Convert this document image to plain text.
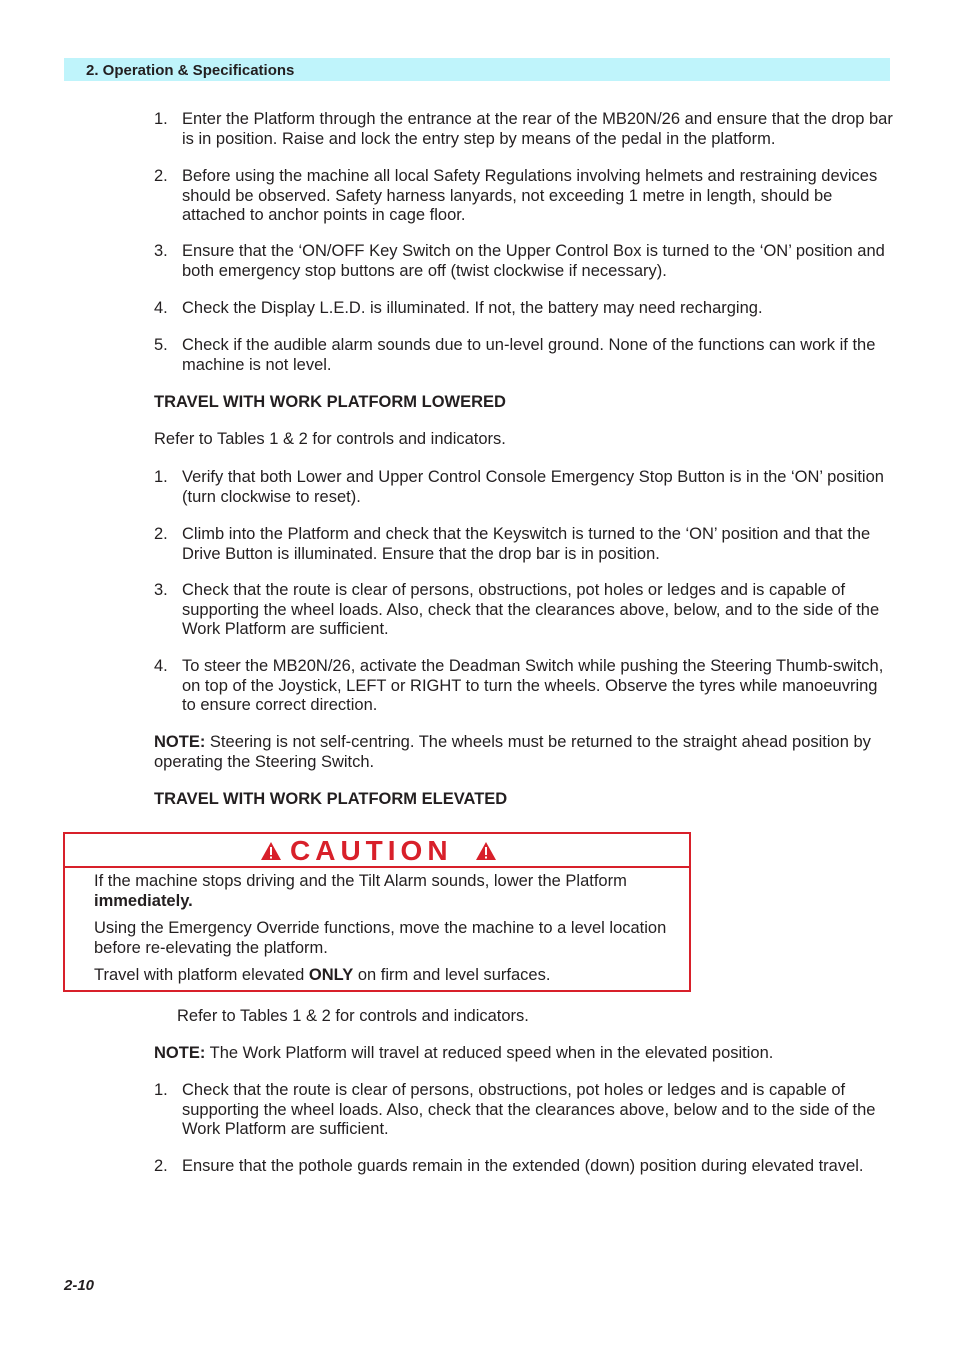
2. Operation & Specifications
1. Enter the Platform through the entrance at the rear of the MB20N/26 and ensure that the drop bar is in position. Raise and lock the entry step by means of the pedal in the platform.
2. Before using the machine all local Safety Regulations involving helmets and restraining devices should be observed. Safety harness lanyards, not exceeding 1 metre in length, should be attached to anchor points in cage floor.
3. Ensure that the ‘ON/OFF Key Switch on the Upper Control Box is turned to the ‘ON’ position and both emergency stop buttons are off (twist clockwise if necessary).
4. Check the Display L.E.D. is illuminated. If not, the battery may need recharging.
5. Check if the audible alarm sounds due to un-level ground. None of the functions can work if the machine is not level.
TRAVEL WITH WORK PLATFORM LOWERED
Refer to Tables 1 & 2 for controls and indicators.
1. Verify that both Lower and Upper Control Console Emergency Stop Button is in the ‘ON’ position (turn clockwise to reset).
2. Climb into the Platform and check that the Keyswitch is turned to the ‘ON’ position and that the Drive Button is illuminated. Ensure that the drop bar is in position.
3. Check that the route is clear of persons, obstructions, pot holes or ledges and is capable of supporting the wheel loads. Also, check that the clearances above, below, and to the side of the Work Platform are sufficient.
4. To steer the MB20N/26, activate the Deadman Switch while pushing the Steering Thumb-switch, on top of the Joystick, LEFT or RIGHT to turn the wheels. Observe the tyres while manoeuvring to ensure correct direction.
NOTE: Steering is not self-centring. The wheels must be returned to the straight ahead position by operating the Steering Switch.
TRAVEL WITH WORK PLATFORM ELEVATED
CAUTION
If the machine stops driving and the Tilt Alarm sounds, lower the Platform
immediately.
Using the Emergency Override functions, move the machine to a level location before re-elevating the platform.
Travel with platform elevated ONLY on firm and level surfaces.
Refer to Tables 1 & 2 for controls and indicators.
NOTE: The Work Platform will travel at reduced speed when in the elevated position.
1. Check that the route is clear of persons, obstructions, pot holes or ledges and is capable of supporting the wheel loads. Also, check that the clearances above, below and to the side of the Work Platform are sufficient.
2. Ensure that the pothole guards remain in the extended (down) position during elevated travel.
2-10
